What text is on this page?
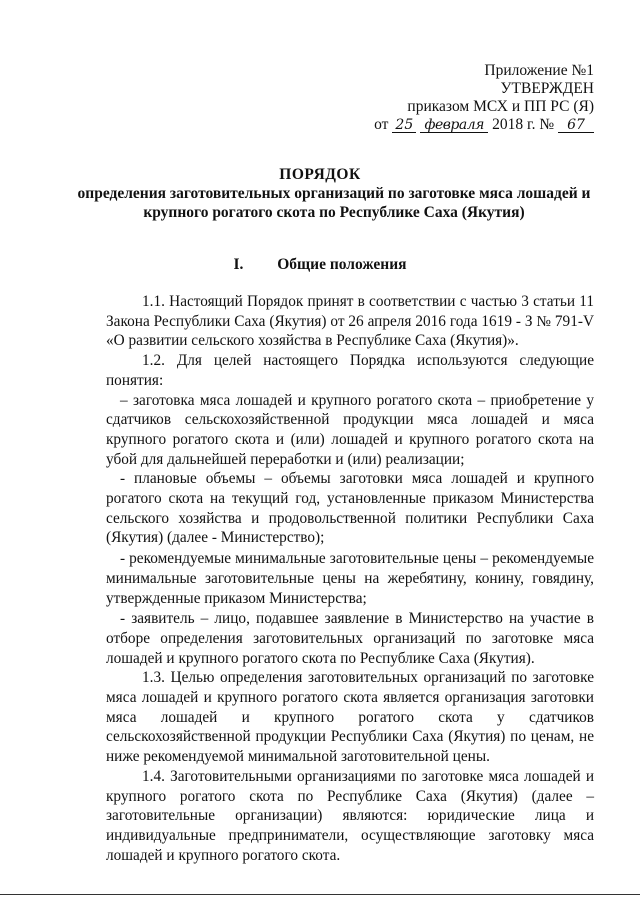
Приложение №1
УТВЕРЖДЕН
приказом МСХ и ПП РС (Я)
от 25 февраля 2018 г. № 67
ПОРЯДОК
определения заготовительных организаций по заготовке мяса лошадей и крупного рогатого скота по Республике Саха (Якутия)
I. Общие положения

1.1. Настоящий Порядок принят в соответствии с частью 3 статьи 11 Закона Республики Саха (Якутия) от 26 апреля 2016 года 1619 - З № 791-V «О развитии сельского хозяйства в Республике Саха (Якутия)».

1.2. Для целей настоящего Порядка используются следующие понятия:

– заготовка мяса лошадей и крупного рогатого скота – приобретение у сдатчиков сельскохозяйственной продукции мяса лошадей и мяса крупного рогатого скота и (или) лошадей и крупного рогатого скота на убой для дальнейшей переработки и (или) реализации;

- плановые объемы – объемы заготовки мяса лошадей и крупного рогатого скота на текущий год, установленные приказом Министерства сельского хозяйства и продовольственной политики Республики Саха (Якутия) (далее - Министерство);

- рекомендуемые минимальные заготовительные цены – рекомендуемые минимальные заготовительные цены на жеребятину, конину, говядину, утвержденные приказом Министерства;

- заявитель – лицо, подавшее заявление в Министерство на участие в отборе определения заготовительных организаций по заготовке мяса лошадей и крупного рогатого скота по Республике Саха (Якутия).

1.3. Целью определения заготовительных организаций по заготовке мяса лошадей и крупного рогатого скота является организация заготовки мяса лошадей и крупного рогатого скота у сдатчиков сельскохозяйственной продукции Республики Саха (Якутия) по ценам, не ниже рекомендуемой минимальной заготовительной цены.

1.4. Заготовительными организациями по заготовке мяса лошадей и крупного рогатого скота по Республике Саха (Якутия) (далее – заготовительные организации) являются: юридические лица и индивидуальные предприниматели, осуществляющие заготовку мяса лошадей и крупного рогатого скота.
